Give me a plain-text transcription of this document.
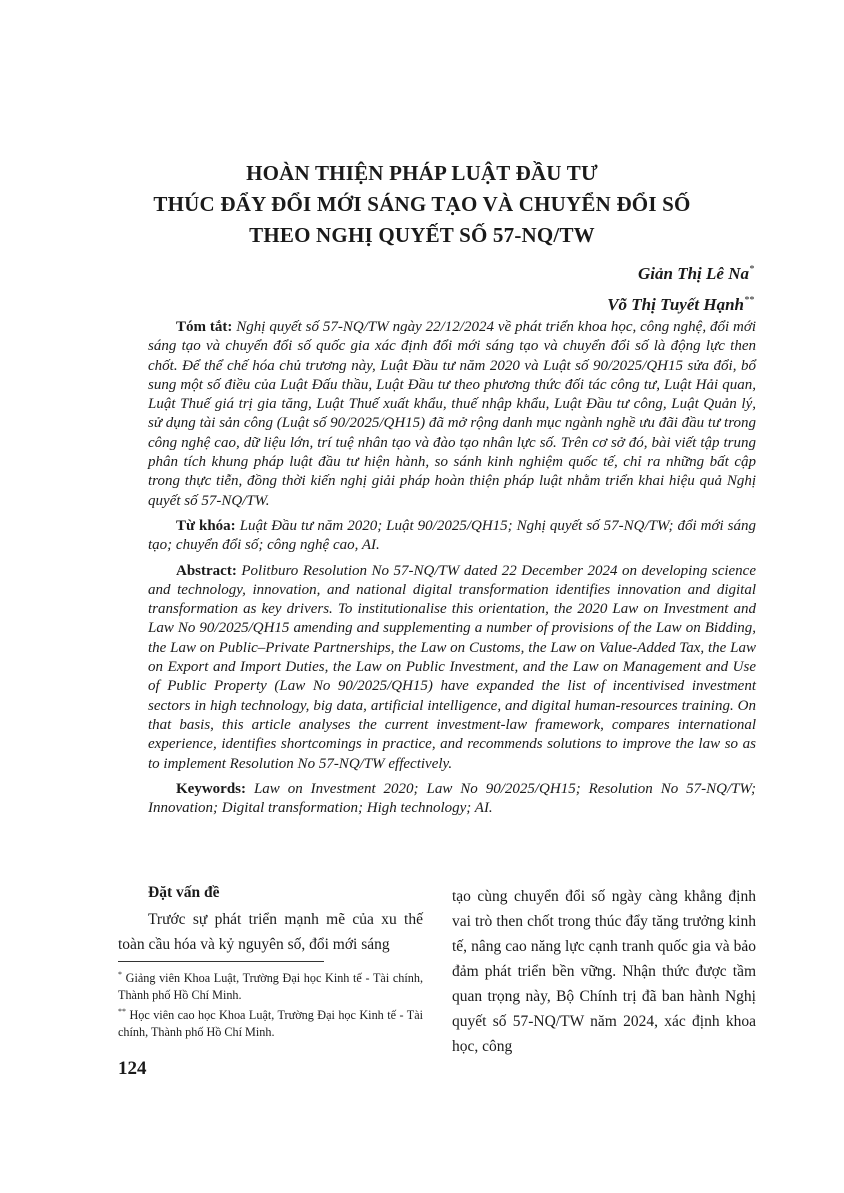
HOÀN THIỆN PHÁP LUẬT ĐẦU TƯ
THÚC ĐẨY ĐỔI MỚI SÁNG TẠO VÀ CHUYỂN ĐỔI SỐ
THEO NGHỊ QUYẾT SỐ 57-NQ/TW
Giản Thị Lê Na*
Võ Thị Tuyết Hạnh**

Tóm tắt: Nghị quyết số 57-NQ/TW ngày 22/12/2024 về phát triển khoa học, công nghệ, đổi mới sáng tạo và chuyển đổi số quốc gia xác định đổi mới sáng tạo và chuyển đổi số là động lực then chốt. Để thể chế hóa chủ trương này, Luật Đầu tư năm 2020 và Luật số 90/2025/QH15 sửa đổi, bổ sung một số điều của Luật Đấu thầu, Luật Đầu tư theo phương thức đối tác công tư, Luật Hải quan, Luật Thuế giá trị gia tăng, Luật Thuế xuất khẩu, thuế nhập khẩu, Luật Đầu tư công, Luật Quản lý, sử dụng tài sản công (Luật số 90/2025/QH15) đã mở rộng danh mục ngành nghề ưu đãi đầu tư trong công nghệ cao, dữ liệu lớn, trí tuệ nhân tạo và đào tạo nhân lực số. Trên cơ sở đó, bài viết tập trung phân tích khung pháp luật đầu tư hiện hành, so sánh kinh nghiệm quốc tế, chỉ ra những bất cập trong thực tiễn, đồng thời kiến nghị giải pháp hoàn thiện pháp luật nhằm triển khai hiệu quả Nghị quyết số 57-NQ/TW.

Từ khóa: Luật Đầu tư năm 2020; Luật 90/2025/QH15; Nghị quyết số 57-NQ/TW; đổi mới sáng tạo; chuyển đổi số; công nghệ cao, AI.

Abstract: Politburo Resolution No 57-NQ/TW dated 22 December 2024 on developing science and technology, innovation, and national digital transformation identifies innovation and digital transformation as key drivers. To institutionalise this orientation, the 2020 Law on Investment and Law No 90/2025/QH15 amending and supplementing a number of provisions of the Law on Bidding, the Law on Public–Private Partnerships, the Law on Customs, the Law on Value-Added Tax, the Law on Export and Import Duties, the Law on Public Investment, and the Law on Management and Use of Public Property (Law No 90/2025/QH15) have expanded the list of incentivised investment sectors in high technology, big data, artificial intelligence, and digital human-resources training. On that basis, this article analyses the current investment-law framework, compares international experience, identifies shortcomings in practice, and recommends solutions to improve the law so as to implement Resolution No 57-NQ/TW effectively.

Keywords: Law on Investment 2020; Law No 90/2025/QH15; Resolution No 57-NQ/TW; Innovation; Digital transformation; High technology; AI.

Đặt vấn đề
Trước sự phát triển mạnh mẽ của xu thế toàn cầu hóa và kỷ nguyên số, đổi mới sáng
tạo cùng chuyển đổi số ngày càng khẳng định vai trò then chốt trong thúc đẩy tăng trưởng kinh tế, nâng cao năng lực cạnh tranh quốc gia và bảo đảm phát triển bền vững. Nhận thức được tầm quan trọng này, Bộ Chính trị đã ban hành Nghị quyết số 57-NQ/TW năm 2024, xác định khoa học, công

* Giảng viên Khoa Luật, Trường Đại học Kinh tế - Tài chính, Thành phố Hồ Chí Minh.

** Học viên cao học Khoa Luật, Trường Đại học Kinh tế - Tài chính, Thành phố Hồ Chí Minh.

124
